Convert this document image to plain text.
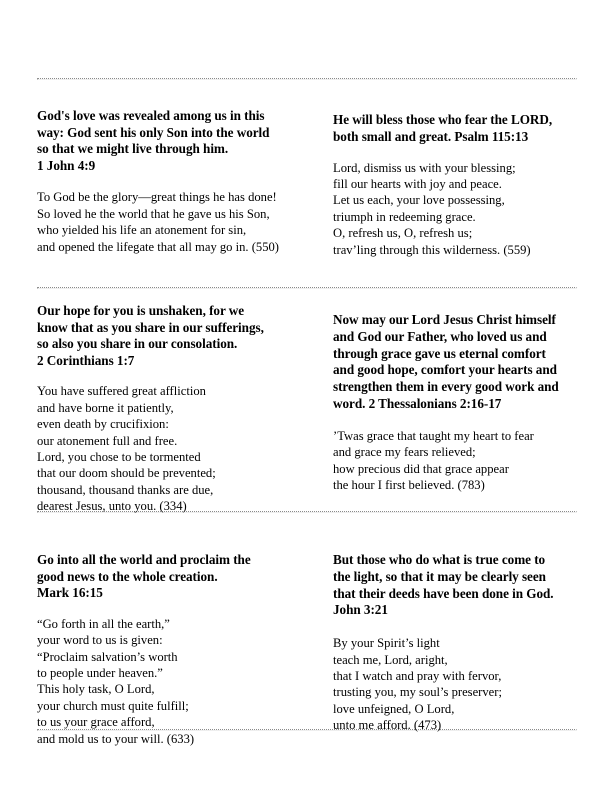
God's love was revealed among us in this
way: God sent his only Son into the world
so that we might live through him.
1 John 4:9

To God be the glory—great things he has done!
So loved he the world that he gave us his Son,
who yielded his life an atonement for sin,
and opened the lifegate that all may go in. (550)

He will bless those who fear the LORD,
both small and great. Psalm 115:13

Lord, dismiss us with your blessing;
fill our hearts with joy and peace.
Let us each, your love possessing,
triumph in redeeming grace.
O, refresh us, O, refresh us;
trav’ling through this wilderness. (559)

Our hope for you is unshaken, for we
know that as you share in our sufferings,
so also you share in our consolation.
2 Corinthians 1:7

You have suffered great affliction
and have borne it patiently,
even death by crucifixion:
our atonement full and free.
Lord, you chose to be tormented
that our doom should be prevented;
thousand, thousand thanks are due,
dearest Jesus, unto you. (334)

Now may our Lord Jesus Christ himself
and God our Father, who loved us and
through grace gave us eternal comfort
and good hope, comfort your hearts and
strengthen them in every good work and
word. 2 Thessalonians 2:16-17

’Twas grace that taught my heart to fear
and grace my fears relieved;
how precious did that grace appear
the hour I first believed. (783)

Go into all the world and proclaim the
good news to the whole creation.
Mark 16:15

“Go forth in all the earth,”
your word to us is given:
“Proclaim salvation’s worth
to people under heaven.”
This holy task, O Lord,
your church must quite fulfill;
to us your grace afford,
and mold us to your will. (633)

But those who do what is true come to
the light, so that it may be clearly seen
that their deeds have been done in God.
John 3:21

By your Spirit’s light
teach me, Lord, aright,
that I watch and pray with fervor,
trusting you, my soul’s preserver;
love unfeigned, O Lord,
unto me afford. (473)
